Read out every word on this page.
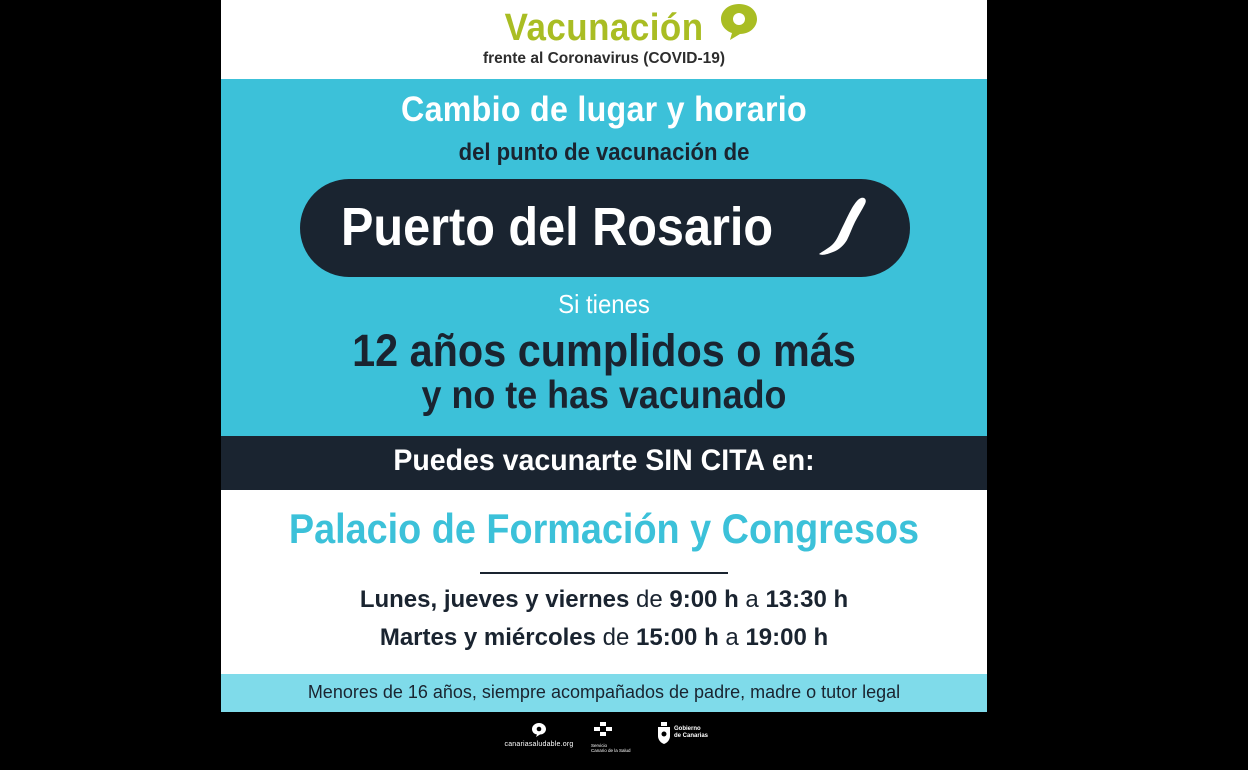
Vacunación
frente al Coronavirus (COVID-19)
Cambio de lugar y horario
del punto de vacunación de
Puerto del Rosario
Si tienes
12 años cumplidos o más
y no te has vacunado
Puedes vacunarte SIN CITA en:
Palacio de Formación y Congresos
Lunes, jueves y viernes de 9:00 h a 13:30 h
Martes y miércoles de 15:00 h a 19:00 h
Menores de 16 años, siempre acompañados de padre, madre o tutor legal
canariasaludable.org	Servicio
Canario de la Salud
Gobierno
de Canarias
